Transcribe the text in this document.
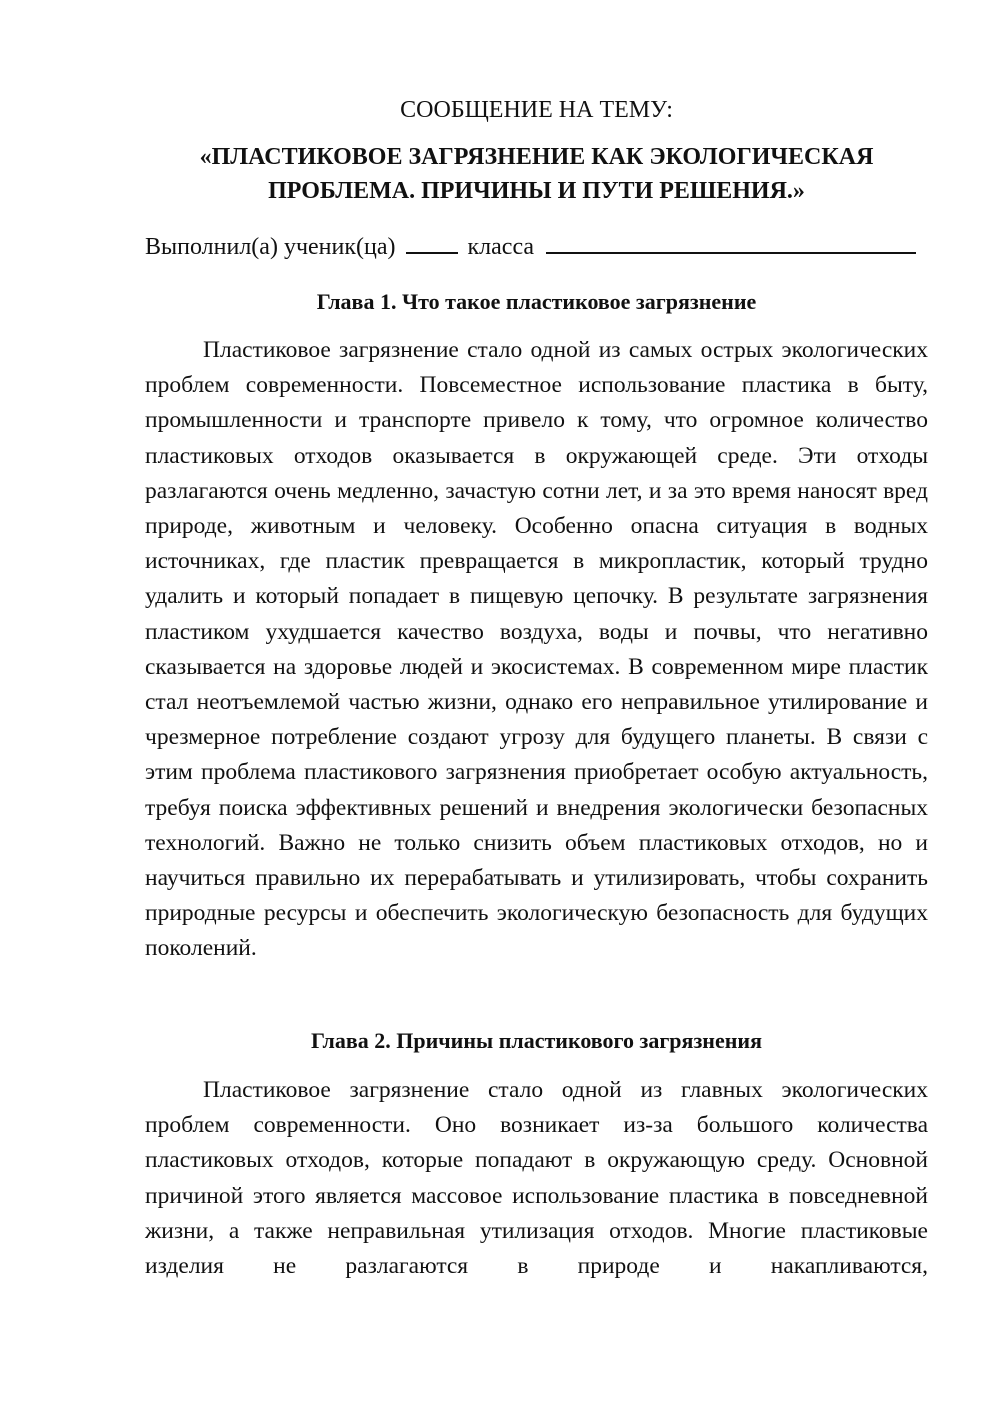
СООБЩЕНИЕ НА ТЕМУ:
«ПЛАСТИКОВОЕ ЗАГРЯЗНЕНИЕ КАК ЭКОЛОГИЧЕСКАЯ
ПРОБЛЕМА. ПРИЧИНЫ И ПУТИ РЕШЕНИЯ.»
Выполнил(а) ученик(ца)	класса
Глава 1. Что такое пластиковое загрязнение

Пластиковое загрязнение стало одной из самых острых экологических проблем современности. Повсеместное использование пластика в быту, промышленности и транспорте привело к тому, что огромное количество пластиковых отходов оказывается в окружающей среде. Эти отходы разлагаются очень медленно, зачастую сотни лет, и за это время наносят вред природе, животным и человеку. Особенно опасна ситуация в водных источниках, где пластик превращается в микропластик, который трудно удалить и который попадает в пищевую цепочку. В результате загрязнения пластиком ухудшается качество воздуха, воды и почвы, что негативно сказывается на здоровье людей и экосистемах. В современном мире пластик стал неотъемлемой частью жизни, однако его неправильное утилирование и чрезмерное потребление создают угрозу для будущего планеты. В связи с этим проблема пластикового загрязнения приобретает особую актуальность, требуя поиска эффективных решений и внедрения экологически безопасных технологий. Важно не только снизить объем пластиковых отходов, но и научиться правильно их перерабатывать и утилизировать, чтобы сохранить природные ресурсы и обеспечить экологическую безопасность для будущих поколений.

Глава 2. Причины пластикового загрязнения

Пластиковое загрязнение стало одной из главных экологических проблем современности. Оно возникает из-за большого количества пластиковых отходов, которые попадают в окружающую среду. Основной причиной этого является массовое использование пластика в повседневной жизни, а также неправильная утилизация отходов. Многие пластиковые изделия не разлагаются в природе и накапливаются,
